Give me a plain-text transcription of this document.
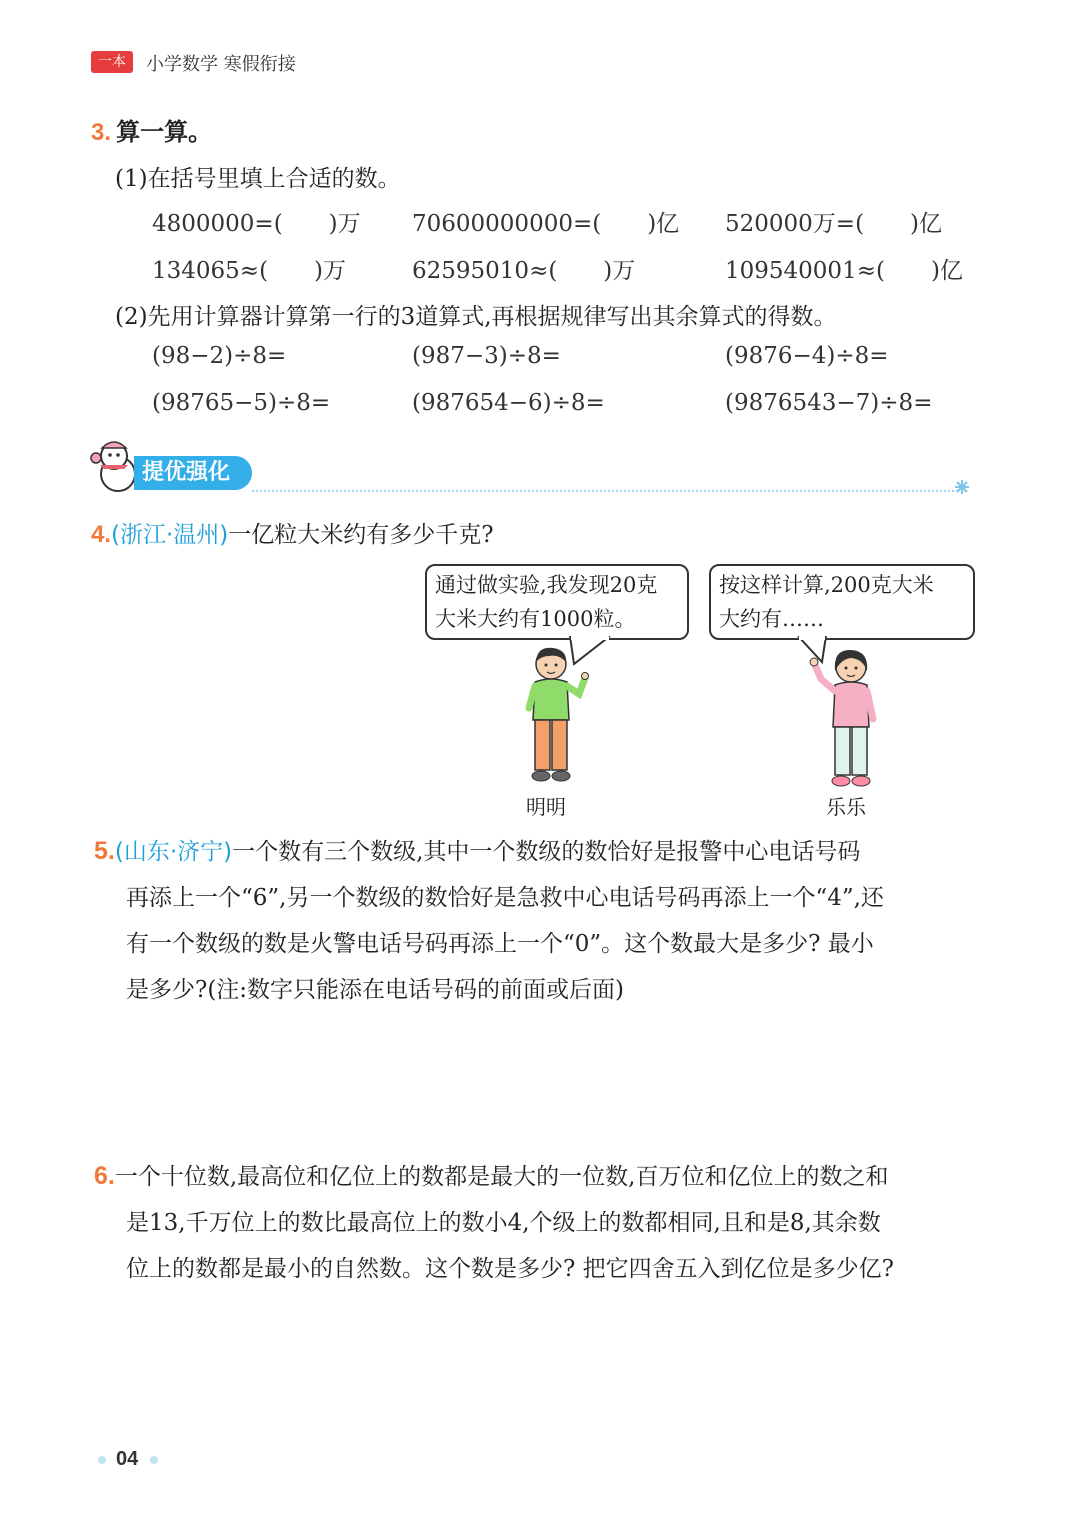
一本	小学数学 寒假衔接
3. 算一算。
(1)在括号里填上合适的数。
4800000=(　　)万 70600000000=(　　)亿 520000万=(　　)亿
134065≈(　　)万	62595010≈(　　)万	109540001≈(　　)亿
(2)先用计算器计算第一行的3道算式,再根据规律写出其余算式的得数。
(98−2)÷8=	(987−3)÷8=	(9876−4)÷8=
(98765−5)÷8=	(987654−6)÷8=	(9876543−7)÷8=
提优强化
4.(浙江·温州)一亿粒大米约有多少千克?
通过做实验,我发现20克
大米大约有1000粒。
按这样计算,200克大米
大约有……
明明	乐乐
5.(山东·济宁)一个数有三个数级,其中一个数级的数恰好是报警中心电话号码
再添上一个“6”,另一个数级的数恰好是急救中心电话号码再添上一个“4”,还
有一个数级的数是火警电话号码再添上一个“0”。这个数最大是多少? 最小
是多少?(注:数字只能添在电话号码的前面或后面)
6.一个十位数,最高位和亿位上的数都是最大的一位数,百万位和亿位上的数之和
是13,千万位上的数比最高位上的数小4,个级上的数都相同,且和是8,其余数
位上的数都是最小的自然数。这个数是多少? 把它四舍五入到亿位是多少亿?
04
